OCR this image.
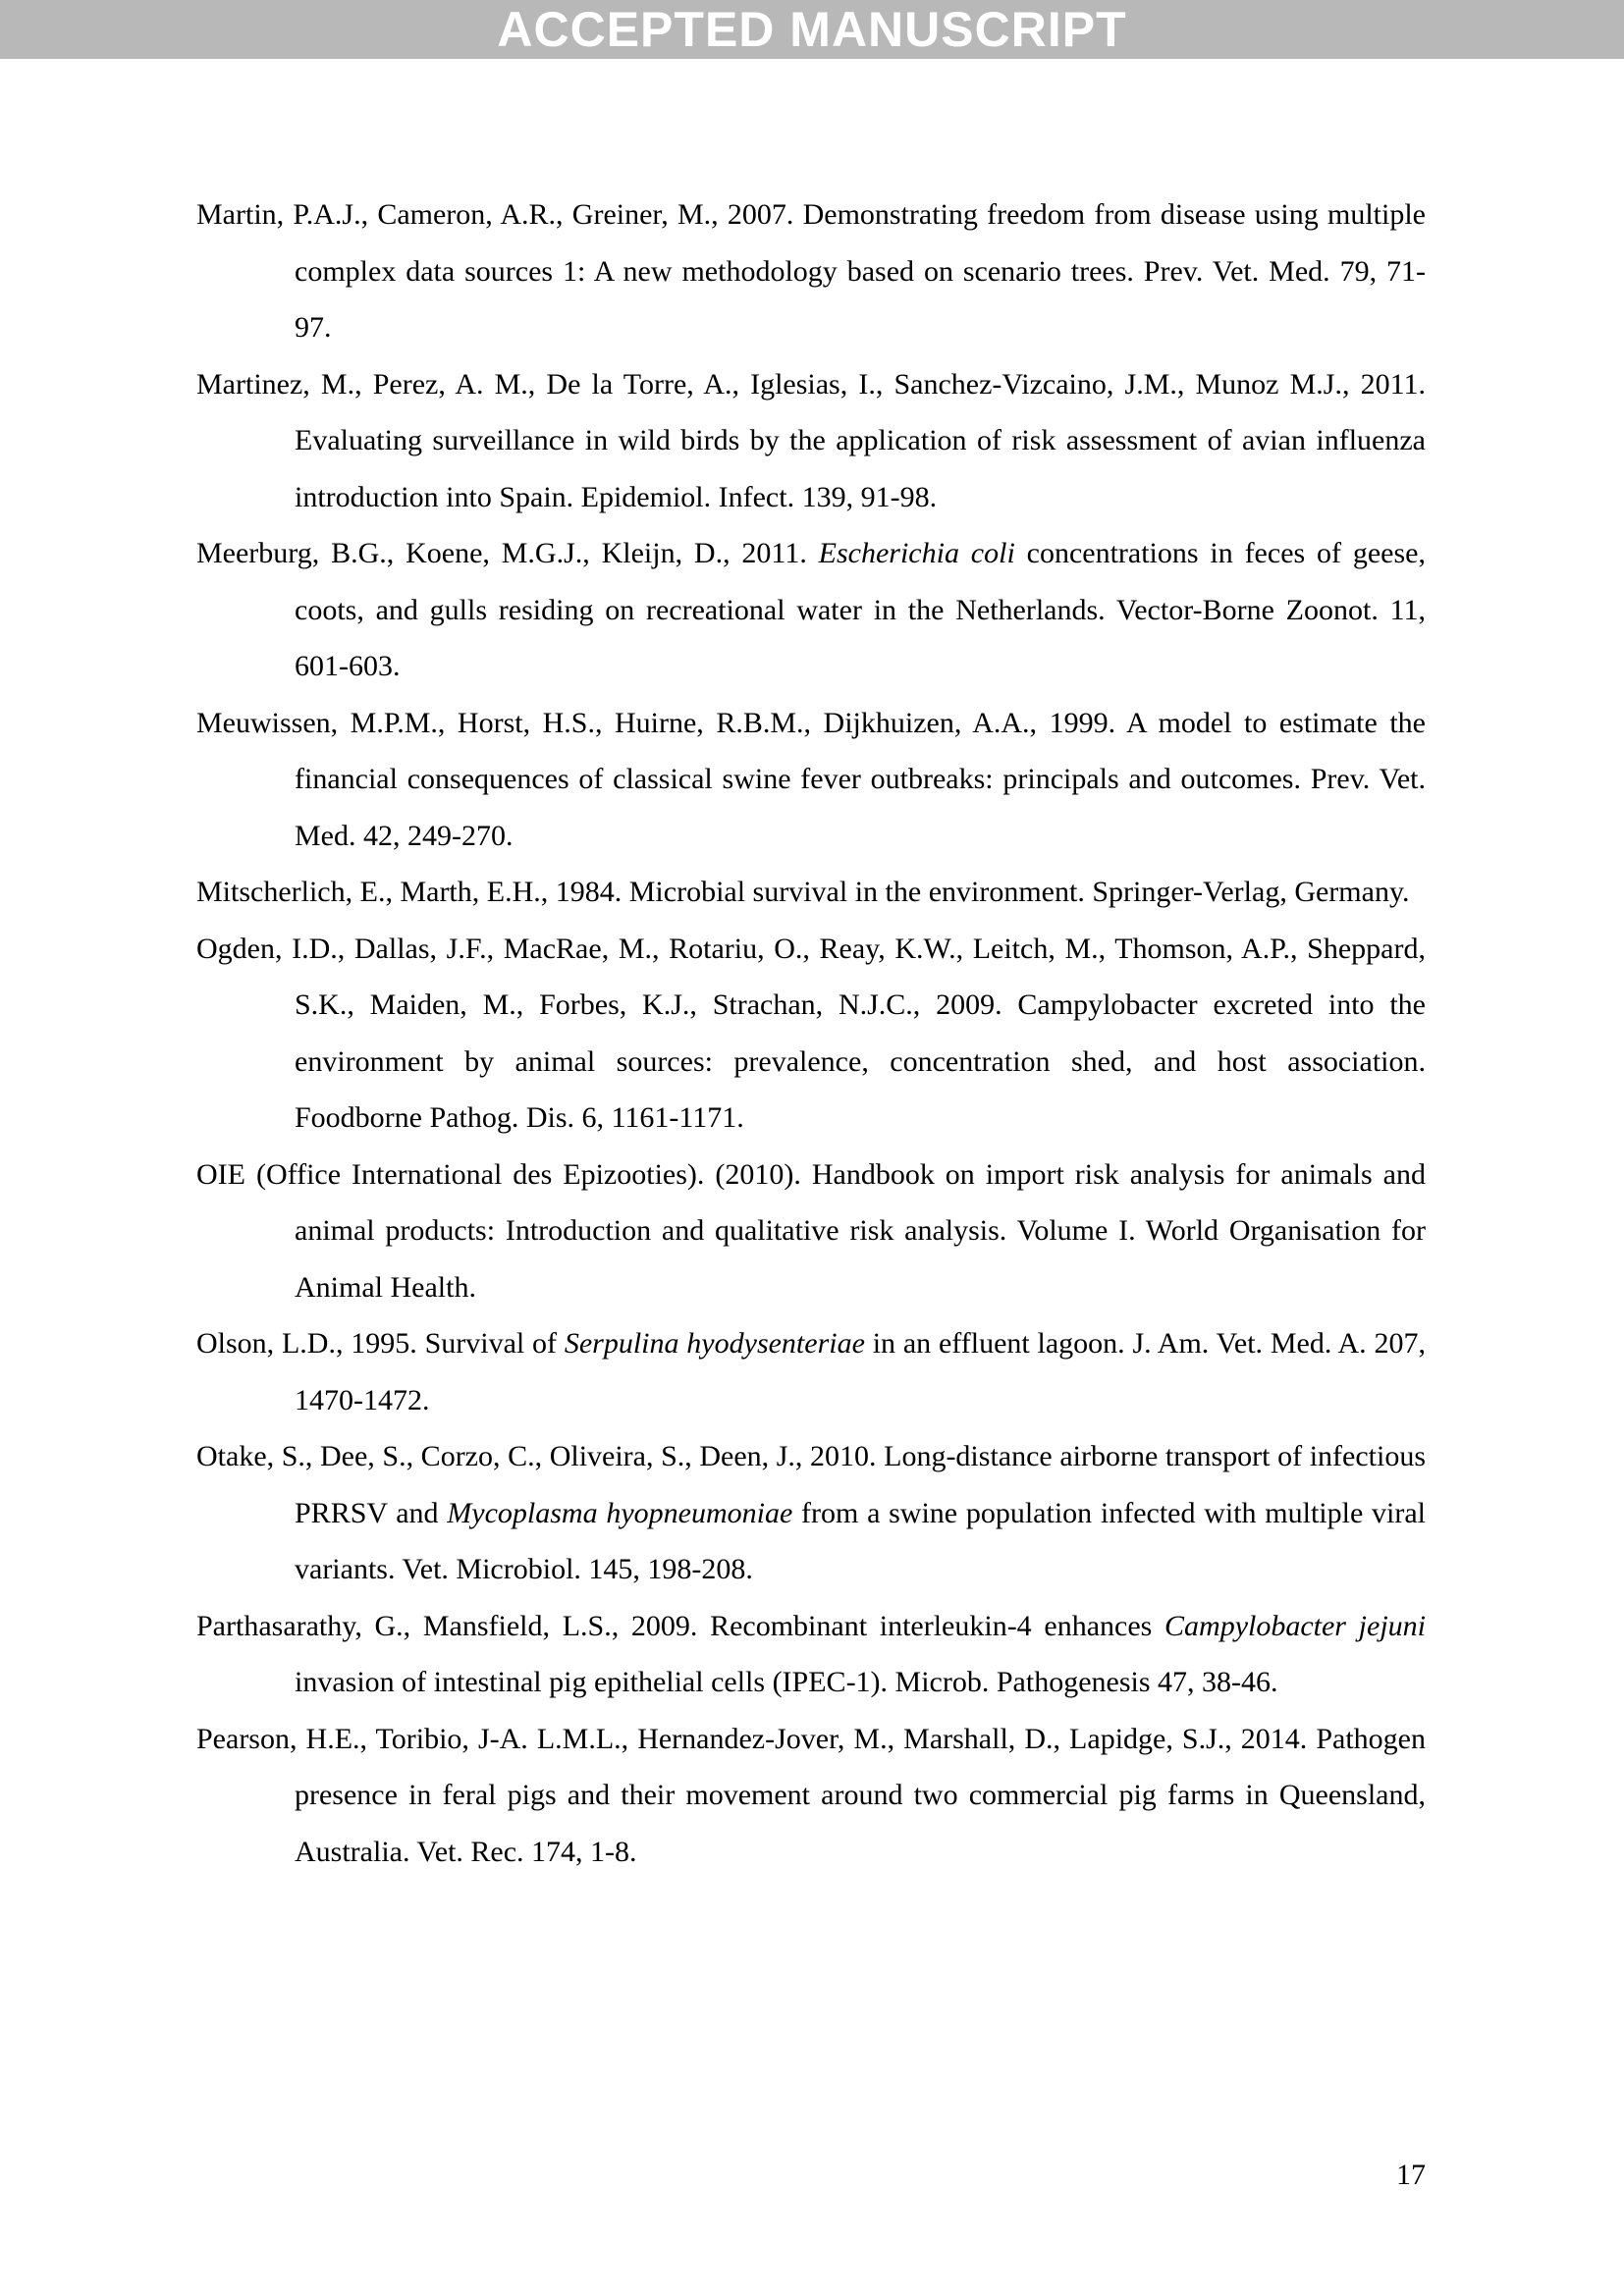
ACCEPTED MANUSCRIPT

Martin, P.A.J., Cameron, A.R., Greiner, M., 2007. Demonstrating freedom from disease using multiple complex data sources 1: A new methodology based on scenario trees. Prev. Vet. Med. 79, 71-97.

Martinez, M., Perez, A. M., De la Torre, A., Iglesias, I., Sanchez-Vizcaino, J.M., Munoz M.J., 2011. Evaluating surveillance in wild birds by the application of risk assessment of avian influenza introduction into Spain. Epidemiol. Infect. 139, 91-98.

Meerburg, B.G., Koene, M.G.J., Kleijn, D., 2011. Escherichia coli concentrations in feces of geese, coots, and gulls residing on recreational water in the Netherlands. Vector-Borne Zoonot. 11, 601-603.

Meuwissen, M.P.M., Horst, H.S., Huirne, R.B.M., Dijkhuizen, A.A., 1999. A model to estimate the financial consequences of classical swine fever outbreaks: principals and outcomes. Prev. Vet. Med. 42, 249-270.

Mitscherlich, E., Marth, E.H., 1984. Microbial survival in the environment. Springer-Verlag, Germany.

Ogden, I.D., Dallas, J.F., MacRae, M., Rotariu, O., Reay, K.W., Leitch, M., Thomson, A.P., Sheppard, S.K., Maiden, M., Forbes, K.J., Strachan, N.J.C., 2009. Campylobacter excreted into the environment by animal sources: prevalence, concentration shed, and host association. Foodborne Pathog. Dis. 6, 1161-1171.

OIE (Office International des Epizooties). (2010). Handbook on import risk analysis for animals and animal products: Introduction and qualitative risk analysis. Volume I. World Organisation for Animal Health.

Olson, L.D., 1995. Survival of Serpulina hyodysenteriae in an effluent lagoon. J. Am. Vet. Med. A. 207, 1470-1472.

Otake, S., Dee, S., Corzo, C., Oliveira, S., Deen, J., 2010. Long-distance airborne transport of infectious PRRSV and Mycoplasma hyopneumoniae from a swine population infected with multiple viral variants. Vet. Microbiol. 145, 198-208.

Parthasarathy, G., Mansfield, L.S., 2009. Recombinant interleukin-4 enhances Campylobacter jejuni invasion of intestinal pig epithelial cells (IPEC-1). Microb. Pathogenesis 47, 38-46.

Pearson, H.E., Toribio, J-A. L.M.L., Hernandez-Jover, M., Marshall, D., Lapidge, S.J., 2014. Pathogen presence in feral pigs and their movement around two commercial pig farms in Queensland, Australia. Vet. Rec. 174, 1-8.

17
